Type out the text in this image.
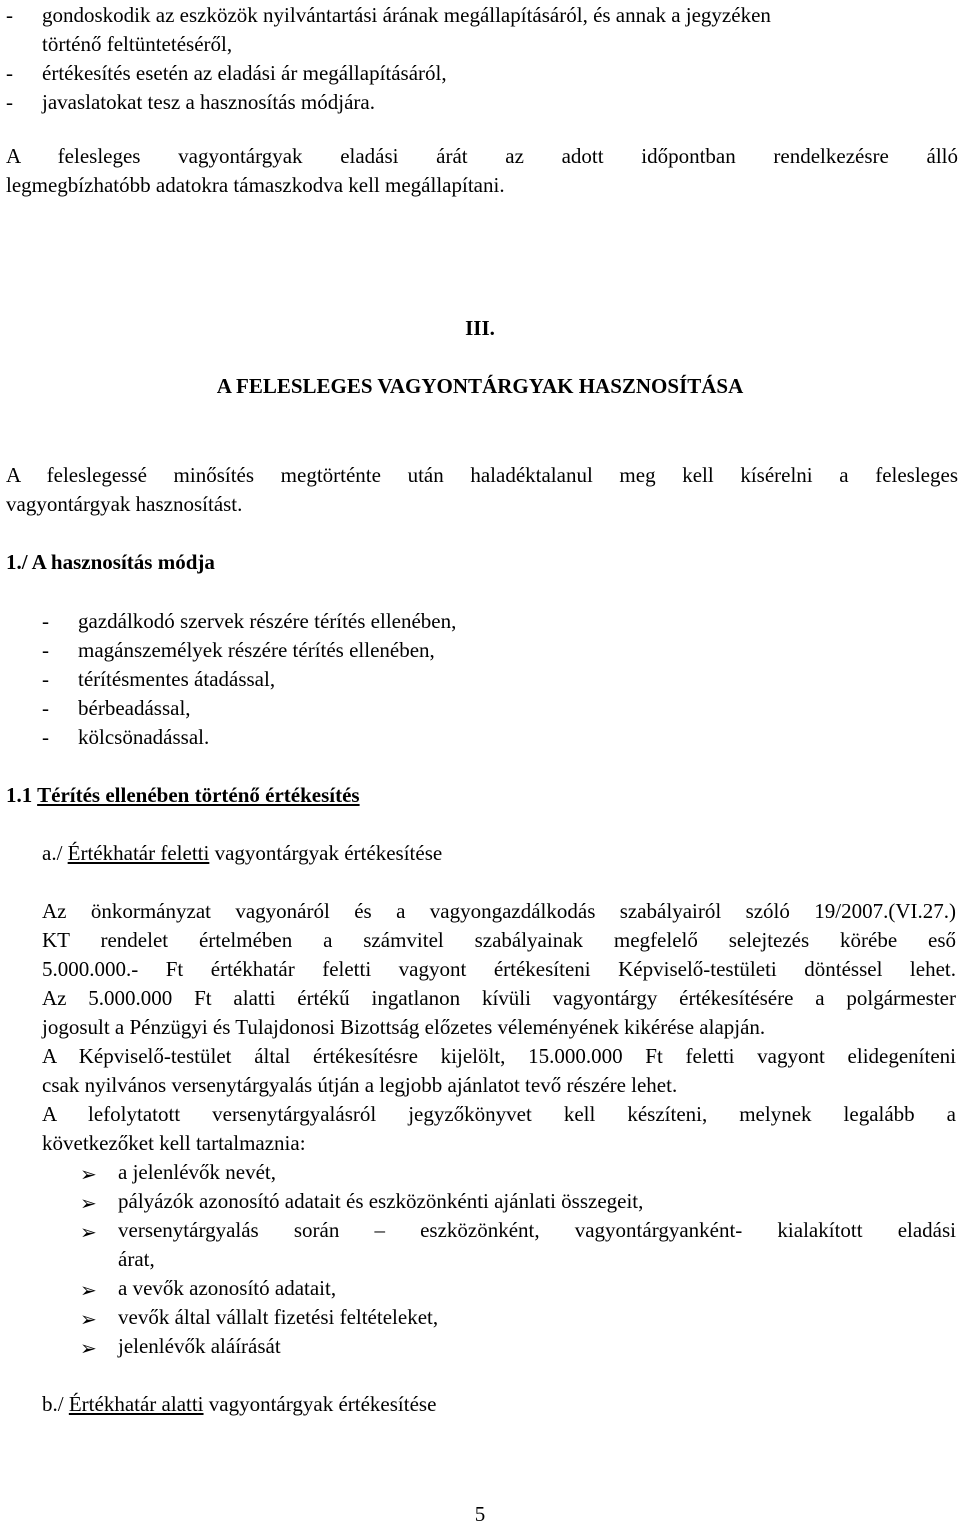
- gondoskodik az eszközök nyilvántartási árának megállapításáról, és annak a jegyzéken
történő feltüntetéséről,
- értékesítés esetén az eladási ár megállapításáról,
- javaslatokat tesz a hasznosítás módjára.
A felesleges vagyontárgyak eladási árát az adott időpontban rendelkezésre álló
legmegbízhatóbb adatokra támaszkodva kell megállapítani.
III.
A FELESLEGES VAGYONTÁRGYAK HASZNOSÍTÁSA
A feleslegessé minősítés megtörténte után haladéktalanul meg kell kísérelni a felesleges
vagyontárgyak hasznosítást.
1./ A hasznosítás módja
- gazdálkodó szervek részére térítés ellenében,
- magánszemélyek részére térítés ellenében,
- térítésmentes átadással,
- bérbeadással,
- kölcsönadással.
1.1 Térítés ellenében történő értékesítés
a./ Értékhatár feletti vagyontárgyak értékesítése
Az önkormányzat vagyonáról és a vagyongazdálkodás szabályairól szóló 19/2007.(VI.27.)
KT rendelet értelmében a számvitel szabályainak megfelelő selejtezés körébe eső
5.000.000.- Ft értékhatár feletti vagyont értékesíteni Képviselő-testületi döntéssel lehet.
Az 5.000.000 Ft alatti értékű ingatlanon kívüli vagyontárgy értékesítésére a polgármester
jogosult a Pénzügyi és Tulajdonosi Bizottság előzetes véleményének kikérése alapján.
A Képviselő-testület által értékesítésre kijelölt, 15.000.000 Ft feletti vagyont elidegeníteni
csak nyilvános versenytárgyalás útján a legjobb ajánlatot tevő részére lehet.
A lefolytatott versenytárgyalásról jegyzőkönyvet kell készíteni, melynek legalább a
következőket kell tartalmaznia:
➢ a jelenlévők nevét,
➢ pályázók azonosító adatait és eszközönkénti ajánlati összegeit,
➢ versenytárgyalás során – eszközönként, vagyontárgyanként- kialakított eladási
árat,
➢ a vevők azonosító adatait,
➢ vevők által vállalt fizetési feltételeket,
➢ jelenlévők aláírását
b./ Értékhatár alatti vagyontárgyak értékesítése
5
